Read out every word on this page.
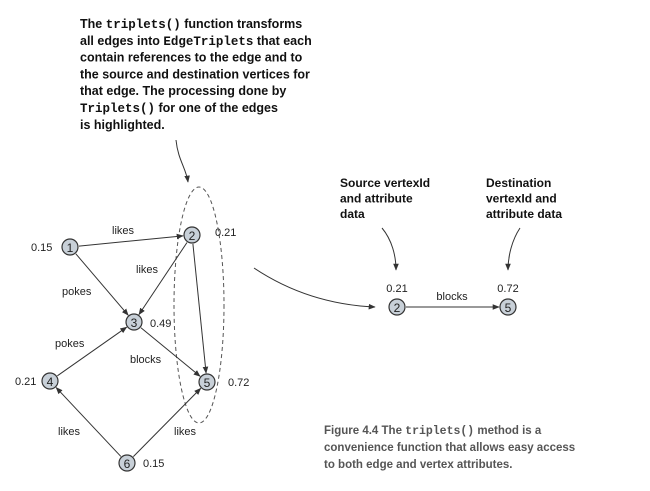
The triplets() function transforms
all edges into EdgeTriplets that each
contain references to the edge and to
the source and destination vertices for
that edge. The processing done by
Triplets() for one of the edges
is highlighted.
likes
pokes
likes
blocks
pokes
likes	likes
1
0.15
2 0.21
3 0.49
4
0.21	5 0.72
6 0.15
Source vertexId
and attribute
data
Destination
vertexId and
attribute data
2
0.21
5
0.72
blocks
Figure 4.4 The triplets() method is a
convenience function that allows easy access
to both edge and vertex attributes.
